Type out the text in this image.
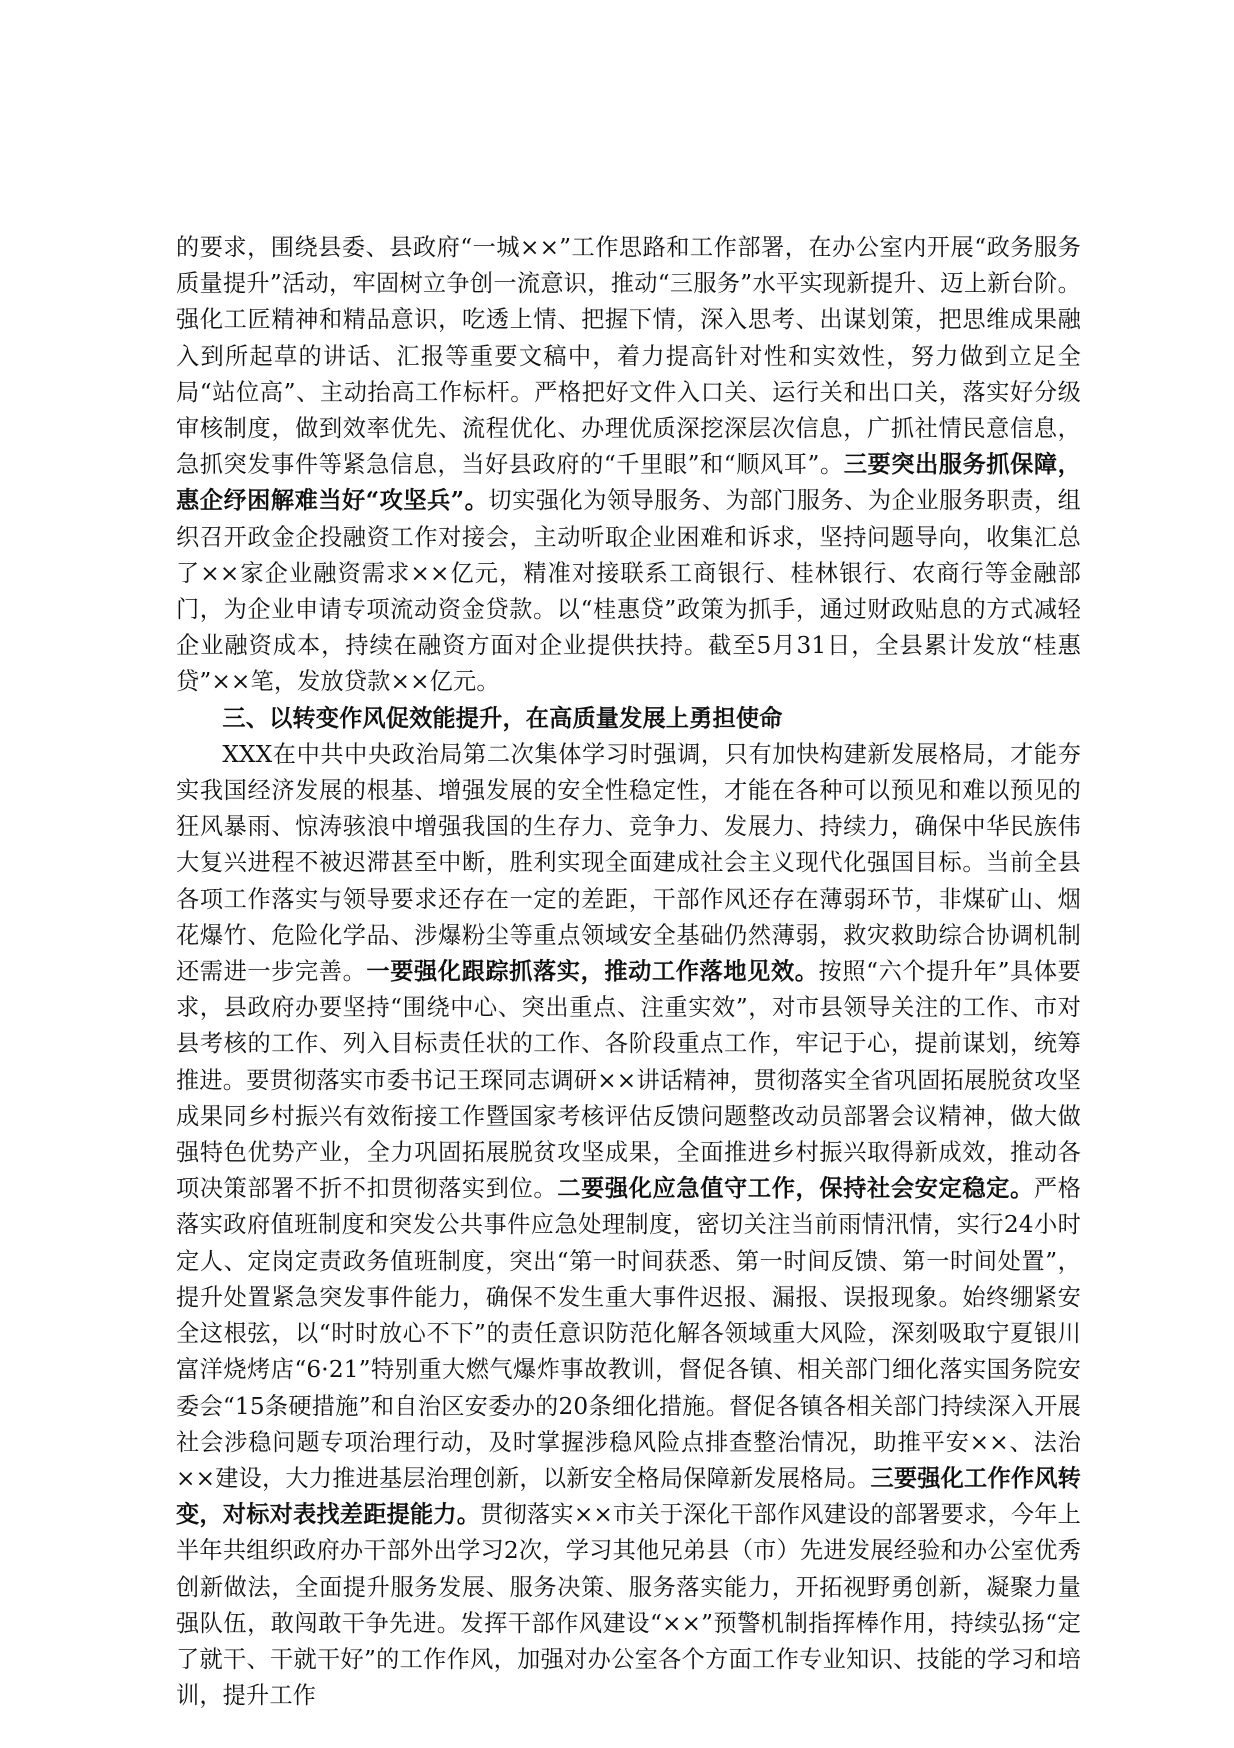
的要求，围绕县委、县政府“一城××”工作思路和工作部署，在办公室内开展“政务服务质量提升”活动，牢固树立争创一流意识，推动“三服务”水平实现新提升、迈上新台阶。强化工匠精神和精品意识，吃透上情、把握下情，深入思考、出谋划策，把思维成果融入到所起草的讲话、汇报等重要文稿中，着力提高针对性和实效性，努力做到立足全局“站位高”、主动抬高工作标杆。严格把好文件入口关、运行关和出口关，落实好分级审核制度，做到效率优先、流程优化、办理优质深挖深层次信息，广抓社情民意信息，急抓突发事件等紧急信息，当好县政府的“千里眼”和“顺风耳”。三要突出服务抓保障，惠企纾困解难当好“攻坚兵”。切实强化为领导服务、为部门服务、为企业服务职责，组织召开政金企投融资工作对接会，主动听取企业困难和诉求，坚持问题导向，收集汇总了××家企业融资需求××亿元，精准对接联系工商银行、桂林银行、农商行等金融部门，为企业申请专项流动资金贷款。以“桂惠贷”政策为抓手，通过财政贴息的方式减轻企业融资成本，持续在融资方面对企业提供扶持。截至5月31日，全县累计发放“桂惠贷”××笔，发放贷款××亿元。

三、以转变作风促效能提升，在高质量发展上勇担使命

XXX在中共中央政治局第二次集体学习时强调，只有加快构建新发展格局，才能夯实我国经济发展的根基、增强发展的安全性稳定性，才能在各种可以预见和难以预见的狂风暴雨、惊涛骇浪中增强我国的生存力、竞争力、发展力、持续力，确保中华民族伟大复兴进程不被迟滞甚至中断，胜利实现全面建成社会主义现代化强国目标。当前全县各项工作落实与领导要求还存在一定的差距，干部作风还存在薄弱环节，非煤矿山、烟花爆竹、危险化学品、涉爆粉尘等重点领域安全基础仍然薄弱，救灾救助综合协调机制还需进一步完善。一要强化跟踪抓落实，推动工作落地见效。按照“六个提升年”具体要求，县政府办要坚持“围绕中心、突出重点、注重实效”，对市县领导关注的工作、市对县考核的工作、列入目标责任状的工作、各阶段重点工作，牢记于心，提前谋划，统筹推进。要贯彻落实市委书记王琛同志调研××讲话精神，贯彻落实全省巩固拓展脱贫攻坚成果同乡村振兴有效衔接工作暨国家考核评估反馈问题整改动员部署会议精神，做大做强特色优势产业，全力巩固拓展脱贫攻坚成果，全面推进乡村振兴取得新成效，推动各项决策部署不折不扣贯彻落实到位。二要强化应急值守工作，保持社会安定稳定。严格落实政府值班制度和突发公共事件应急处理制度，密切关注当前雨情汛情，实行24小时定人、定岗定责政务值班制度，突出“第一时间获悉、第一时间反馈、第一时间处置”，提升处置紧急突发事件能力，确保不发生重大事件迟报、漏报、误报现象。始终绷紧安全这根弦，以“时时放心不下”的责任意识防范化解各领域重大风险，深刻吸取宁夏银川富洋烧烤店“6·21”特别重大燃气爆炸事故教训，督促各镇、相关部门细化落实国务院安委会“15条硬措施”和自治区安委办的20条细化措施。督促各镇各相关部门持续深入开展社会涉稳问题专项治理行动，及时掌握涉稳风险点排查整治情况，助推平安××、法治××建设，大力推进基层治理创新，以新安全格局保障新发展格局。三要强化工作作风转变，对标对表找差距提能力。贯彻落实××市关于深化干部作风建设的部署要求，今年上半年共组织政府办干部外出学习2次，学习其他兄弟县（市）先进发展经验和办公室优秀创新做法，全面提升服务发展、服务决策、服务落实能力，开拓视野勇创新，凝聚力量强队伍，敢闯敢干争先进。发挥干部作风建设“××”预警机制指挥棒作用，持续弘扬“定了就干、干就干好”的工作作风，加强对办公室各个方面工作专业知识、技能的学习和培训，提升工作
